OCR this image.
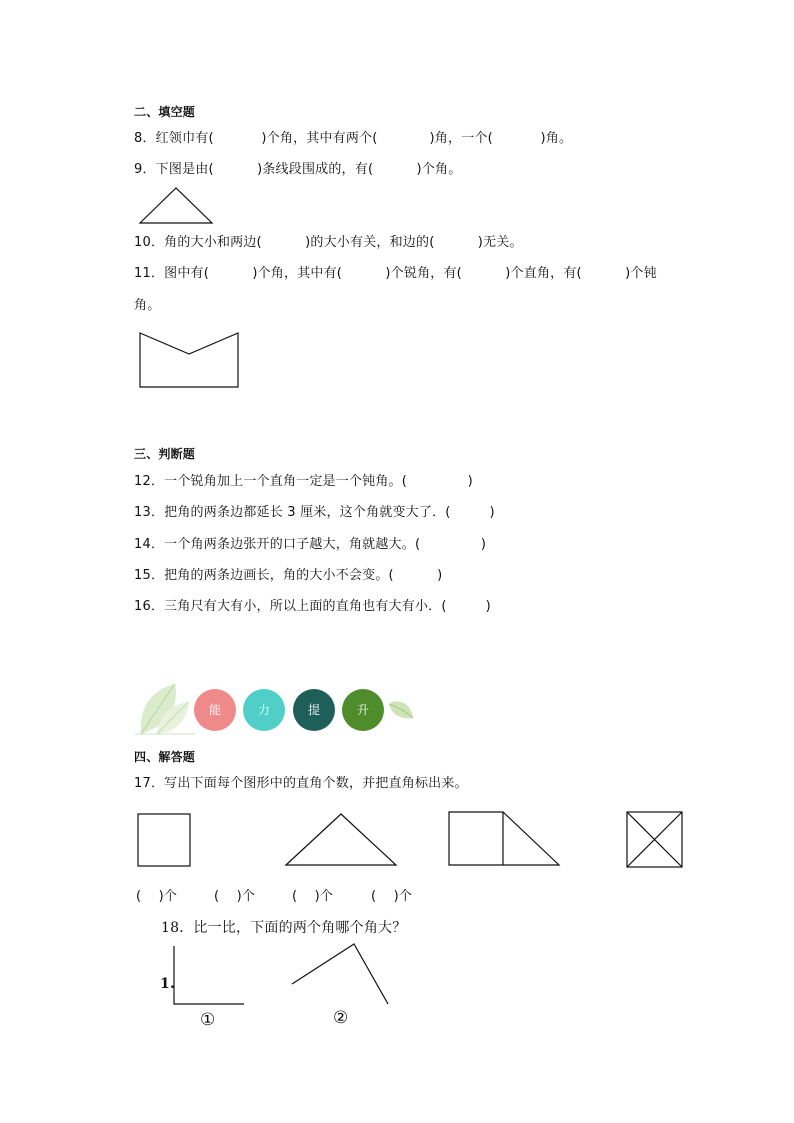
二、填空题
8．红领巾有(           )个角，其中有两个(            )角，一个(           )角。
9．下图是由(          )条线段围成的，有(          )个角。
10．角的大小和两边(          )的大小有关，和边的(          )无关。
11．图中有(          )个角，其中有(          )个锐角，有(          )个直角，有(          )个钝
角。
三、判断题
12．一个锐角加上一个直角一定是一个钝角。(              )
13．把角的两条边都延长 3 厘米，这个角就变大了．(         )
14．一个角两条边张开的口子越大，角就越大。(              )
15．把角的两条边画长，角的大小不会变。(          )
16．三角尺有大有小，所以上面的直角也有大有小．(         )
能	力	提	升
四、解答题
17．写出下面每个图形中的直角个数，并把直角标出来。
(    )个	(    )个	(    )个	(    )个
18．比一比，下面的两个角哪个角大？
1.
①	②
